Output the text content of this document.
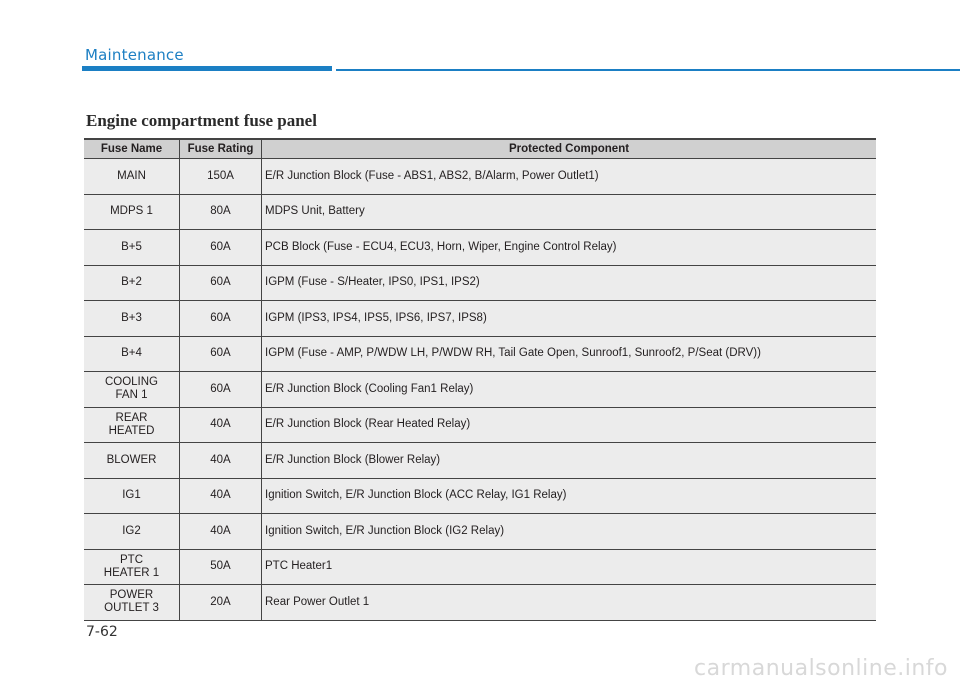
Maintenance
Engine compartment fuse panel
Fuse Name	Fuse Rating	Protected Component
MAIN	150A	E/R Junction Block (Fuse - ABS1, ABS2, B/Alarm, Power Outlet1)
MDPS 1	80A	MDPS Unit, Battery
B+5	60A	PCB Block (Fuse - ECU4, ECU3, Horn, Wiper, Engine Control Relay)
B+2	60A	IGPM (Fuse - S/Heater, IPS0, IPS1, IPS2)
B+3	60A	IGPM (IPS3, IPS4, IPS5, IPS6, IPS7, IPS8)
B+4	60A	IGPM (Fuse - AMP, P/WDW LH, P/WDW RH, Tail Gate Open, Sunroof1, Sunroof2, P/Seat (DRV))
COOLING
FAN 1	60A	E/R Junction Block (Cooling Fan1 Relay)
REAR
HEATED	40A	E/R Junction Block (Rear Heated Relay)
BLOWER	40A	E/R Junction Block (Blower Relay)
IG1	40A	Ignition Switch, E/R Junction Block (ACC Relay, IG1 Relay)
IG2	40A	Ignition Switch, E/R Junction Block (IG2 Relay)
PTC
HEATER 1	50A	PTC Heater1
POWER
OUTLET 3	20A	Rear Power Outlet 1
7-62
carmanualsonline.info
